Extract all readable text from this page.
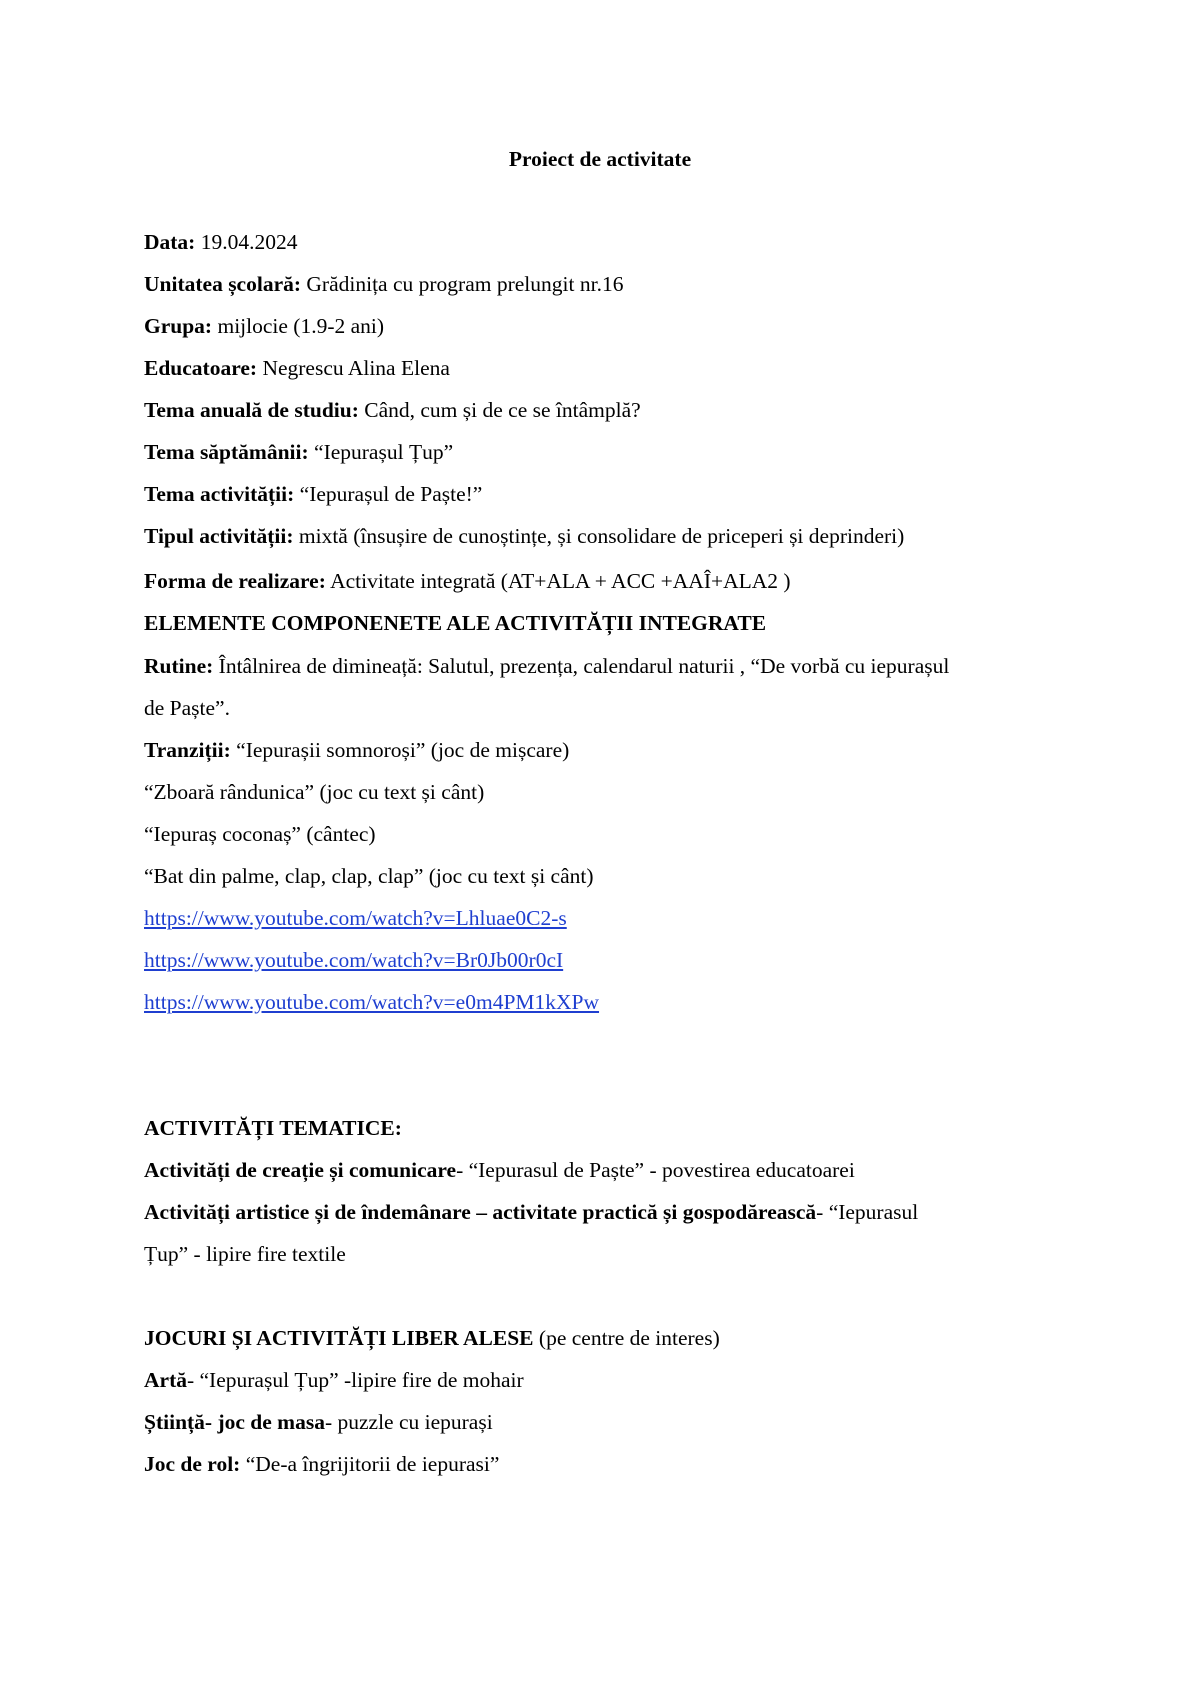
Proiect de activitate
Data: 19.04.2024
Unitatea școlară: Grădinița cu program prelungit nr.16
Grupa: mijlocie (1.9-2 ani)
Educatoare: Negrescu Alina Elena
Tema anuală de studiu: Când, cum și de ce se întâmplă?
Tema săptămânii: “Iepurașul Țup”
Tema activității: “Iepurașul de Paște!”
Tipul activității: mixtă (însușire de cunoștințe, și consolidare de priceperi și deprinderi)
Forma de realizare: Activitate integrată (AT+ALA + ACC +AAÎ+ALA2 )
ELEMENTE COMPONENETE ALE ACTIVITĂȚII INTEGRATE
Rutine: Întâlnirea de dimineață: Salutul, prezența, calendarul naturii , “De vorbă cu iepurașul
de Paște”.
Tranziții: “Iepurașii somnoroși” (joc de mișcare)
“Zboară rândunica” (joc cu text și cânt)
“Iepuraș coconaș” (cântec)
“Bat din palme, clap, clap, clap” (joc cu text și cânt)
https://www.youtube.com/watch?v=Lhluae0C2-s
https://www.youtube.com/watch?v=Br0Jb00r0cI
https://www.youtube.com/watch?v=e0m4PM1kXPw
ACTIVITĂȚI TEMATICE:
Activități de creație și comunicare- “Iepurasul de Paște” - povestirea educatoarei
Activități artistice și de îndemânare – activitate practică și gospodărească- “Iepurasul
Țup” - lipire fire textile
JOCURI ȘI ACTIVITĂȚI LIBER ALESE (pe centre de interes)
Artă- “Iepurașul Țup” -lipire fire de mohair
Știință- joc de masa- puzzle cu iepurași
Joc de rol: “De-a îngrijitorii de iepurasi”
